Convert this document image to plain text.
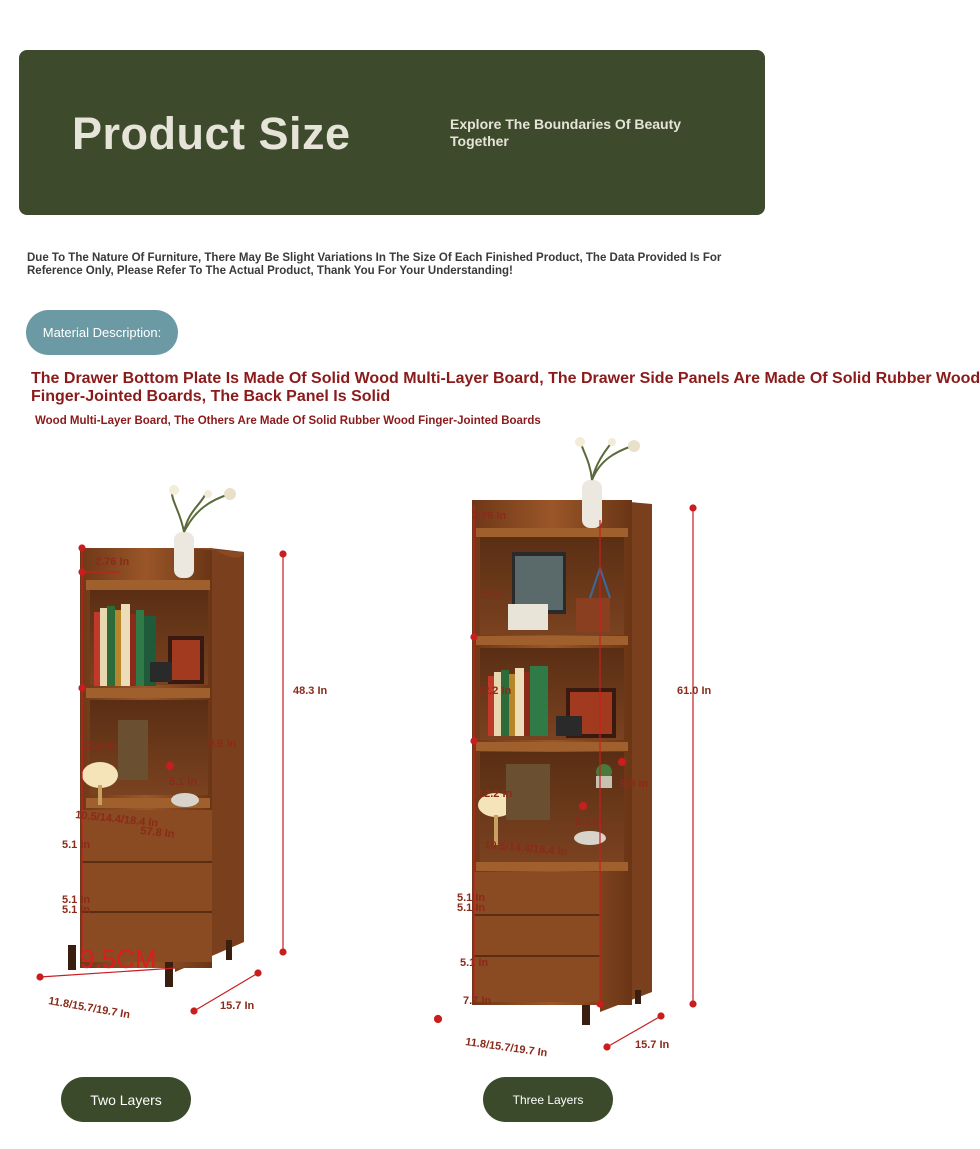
Product Size	Explore The Boundaries Of Beauty Together
Due To The Nature Of Furniture, There May Be Slight Variations In The Size Of Each Finished Product, The Data Provided Is For Reference Only, Please Refer To The Actual Product, Thank You For Your Understanding!
Material Description:
The Drawer Bottom Plate Is Made Of Solid Wood Multi-Layer Board, The Drawer Side Panels Are Made Of Solid Rubber Wood
Finger-Jointed Boards, The Back Panel Is Solid
Wood Multi-Layer Board, The Others Are Made Of Solid Rubber Wood Finger-Jointed Boards
2.76 In
48.3 In
12.2 In	9.9 In
5.1 In
10.5/14.4/18.4 In
57.8 In
5.1 In
5.1 In
5.1 In
9.5CM
11.8/15.7/19.7 In	15.7 In
2.76 In
61.0 In
12.2
12.2 In
12.2 In
9.9 In
5.1 In
10.5/14.4/18.4 In
5.1 In
5.1 In
5.1 In
7.7 In
11.8/15.7/19.7 In	15.7 In
Two Layers	Three Layers
